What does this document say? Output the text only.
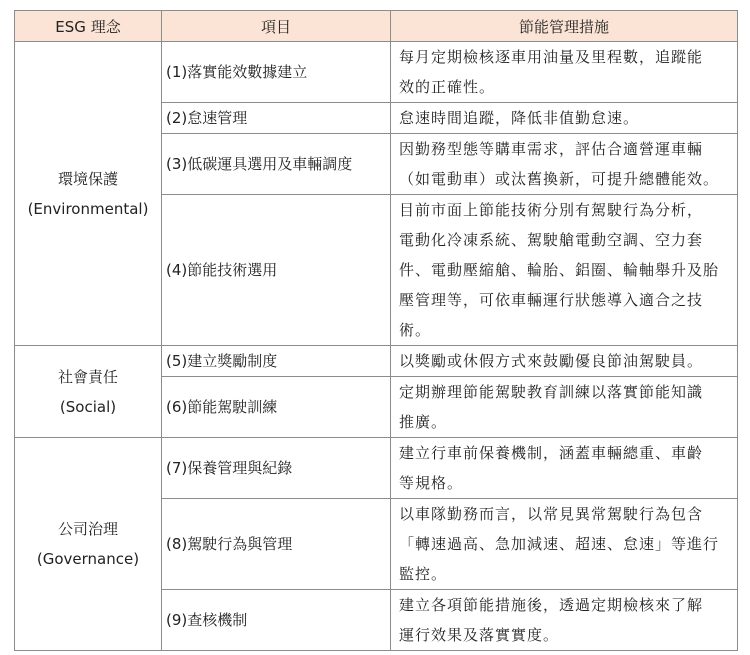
ESG 理念	項目	節能管理措施

環境保護
(Environmental)	(1)落實能效數據建立	每月定期檢核逐車用油量及里程數，追蹤能
效的正確性。

	(2)怠速管理	怠速時間追蹤，降低非值勤怠速。

	(3)低碳運具選用及車輛調度	因勤務型態等購車需求，評估合適營運車輛
（如電動車）或汰舊換新，可提升總體能效。

	(4)節能技術選用	目前市面上節能技術分別有駕駛行為分析，
電動化冷凍系統、駕駛艙電動空調、空力套
件、電動壓縮艙、輪胎、鋁圈、輪軸舉升及胎
壓管理等，可依車輛運行狀態導入適合之技
術。

社會責任
(Social)	(5)建立獎勵制度	以獎勵或休假方式來鼓勵優良節油駕駛員。

	(6)節能駕駛訓練	定期辦理節能駕駛教育訓練以落實節能知識
推廣。

公司治理
(Governance)	(7)保養管理與紀錄	建立行車前保養機制，涵蓋車輛總重、車齡
等規格。

	(8)駕駛行為與管理	以車隊勤務而言，以常見異常駕駛行為包含
「轉速過高、急加減速、超速、怠速」等進行
監控。

	(9)查核機制	建立各項節能措施後，透過定期檢核來了解
運行效果及落實實度。
